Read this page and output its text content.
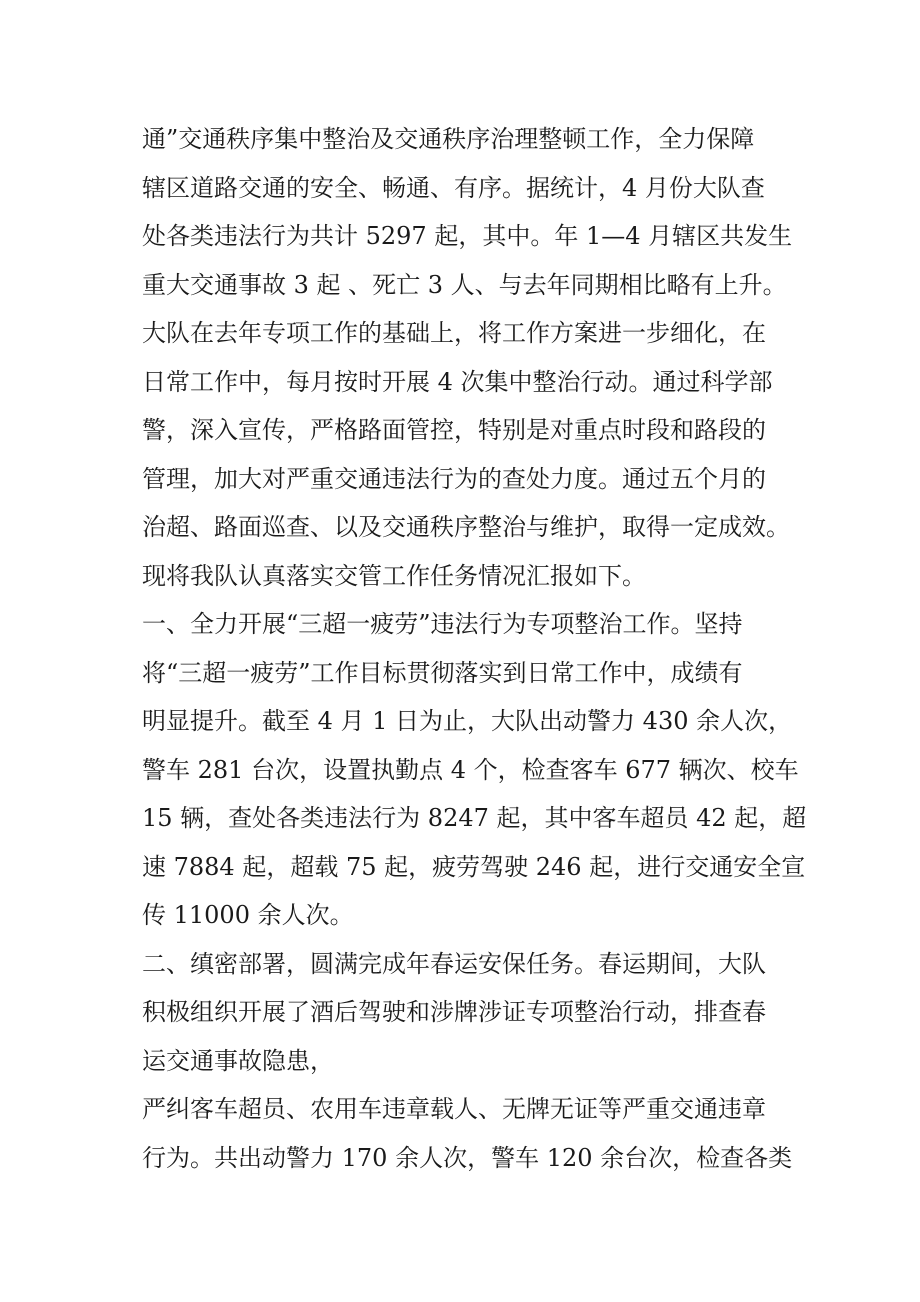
通”交通秩序集中整治及交通秩序治理整顿工作，全力保障
辖区道路交通的安全、畅通、有序。据统计，4 月份大队查
处各类违法行为共计 5297 起，其中。年 1—4 月辖区共发生
重大交通事故 3 起 、死亡 3 人、与去年同期相比略有上升。
大队在去年专项工作的基础上，将工作方案进一步细化，在
日常工作中，每月按时开展 4 次集中整治行动。通过科学部
警，深入宣传，严格路面管控，特别是对重点时段和路段的
管理，加大对严重交通违法行为的查处力度。通过五个月的
治超、路面巡查、以及交通秩序整治与维护，取得一定成效。
现将我队认真落实交管工作任务情况汇报如下。
一、全力开展“三超一疲劳”违法行为专项整治工作。坚持
将“三超一疲劳”工作目标贯彻落实到日常工作中，成绩有
明显提升。截至 4 月 1 日为止，大队出动警力 430 余人次，
警车 281 台次，设置执勤点 4 个，检查客车 677 辆次、校车
15 辆，查处各类违法行为 8247 起，其中客车超员 42 起，超
速 7884 起，超载 75 起，疲劳驾驶 246 起，进行交通安全宣
传 11000 余人次。
二、缜密部署，圆满完成年春运安保任务。春运期间，大队
积极组织开展了酒后驾驶和涉牌涉证专项整治行动，排查春
运交通事故隐患，
严纠客车超员、农用车违章载人、无牌无证等严重交通违章
行为。共出动警力 170 余人次，警车 120 余台次，检查各类
